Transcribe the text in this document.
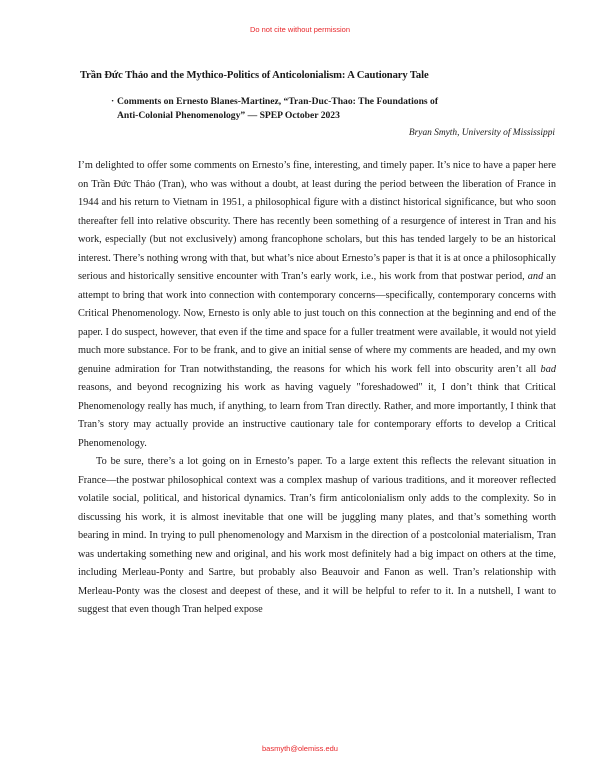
Do not cite without permission
Trần Đức Thảo and the Mythico-Politics of Anticolonialism: A Cautionary Tale
· Comments on Ernesto Blanes-Martinez, “Tran-Duc-Thao: The Foundations of
Anti-Colonial Phenomenology” — SPEP October 2023
Bryan Smyth, University of Mississippi

I’m delighted to offer some comments on Ernesto’s fine, interesting, and timely paper. It’s nice to have a paper here on Trần Đức Thảo (Tran), who was without a doubt, at least during the period between the liberation of France in 1944 and his return to Vietnam in 1951, a philosophical figure with a distinct historical significance, but who soon thereafter fell into relative obscurity. There has recently been something of a resurgence of interest in Tran and his work, especially (but not exclusively) among francophone scholars, but this has tended largely to be an historical interest. There’s nothing wrong with that, but what’s nice about Ernesto’s paper is that it is at once a philosophically serious and historically sensitive encounter with Tran’s early work, i.e., his work from that postwar period, and an attempt to bring that work into connection with contemporary concerns—specifically, contemporary concerns with Critical Phenomenology. Now, Ernesto is only able to just touch on this connection at the beginning and end of the paper. I do suspect, however, that even if the time and space for a fuller treatment were available, it would not yield much more substance. For to be frank, and to give an initial sense of where my comments are headed, and my own genuine admiration for Tran notwithstanding, the reasons for which his work fell into obscurity aren’t all bad reasons, and beyond recognizing his work as having vaguely "foreshadowed" it, I don’t think that Critical Phenomenology really has much, if anything, to learn from Tran directly. Rather, and more importantly, I think that Tran’s story may actually provide an instructive cautionary tale for contemporary efforts to develop a Critical Phenomenology.

To be sure, there’s a lot going on in Ernesto’s paper. To a large extent this reflects the relevant situation in France—the postwar philosophical context was a complex mashup of various traditions, and it moreover reflected volatile social, political, and historical dynamics. Tran’s firm anticolonialism only adds to the complexity. So in discussing his work, it is almost inevitable that one will be juggling many plates, and that’s something worth bearing in mind. In trying to pull phenomenology and Marxism in the direction of a postcolonial materialism, Tran was undertaking something new and original, and his work most definitely had a big impact on others at the time, including Merleau-Ponty and Sartre, but probably also Beauvoir and Fanon as well. Tran’s relationship with Merleau-Ponty was the closest and deepest of these, and it will be helpful to refer to it. In a nutshell, I want to suggest that even though Tran helped expose

basmyth@olemiss.edu
